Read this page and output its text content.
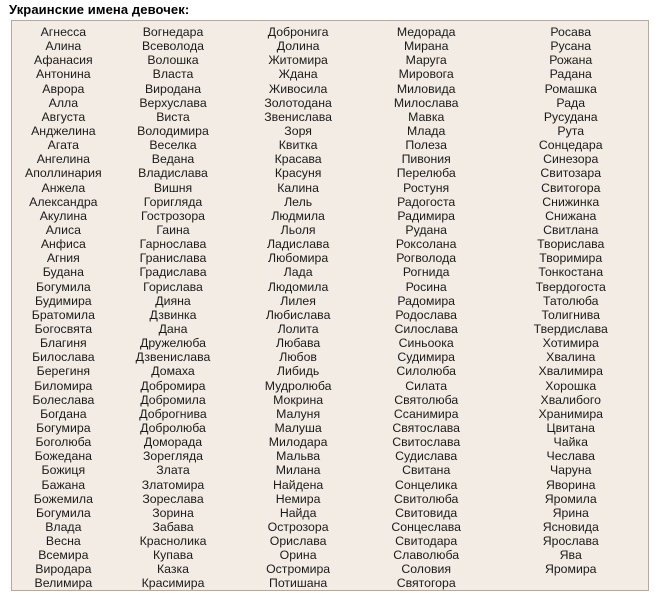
Украинские имена девочек:
Агнесса
Алина
Афанасия
Антонина
Аврора
Алла
Августа
Анджелина
Агата
Ангелина
Аполлинария
Анжела
Александра
Акулина
Алиса
Анфиса
Агния
Будана
Богумила
Будимира
Братомила
Богосвята
Благиня
Билослава
Берегиня
Биломира
Болеслава
Богдана
Богумира
Боголюба
Божедана
Божиця
Бажана
Божемила
Богумила
Влада
Весна
Всемира
Виродара
Велимира
Вогнедара
Всеволода
Волошка
Власта
Виродана
Верхуслава
Виста
Володимира
Веселка
Ведана
Владислава
Вишня
Горигляда
Гострозора
Гаина
Гарнослава
Гранислава
Градислава
Горислава
Дияна
Дзвинка
Дана
Дружелюба
Дзвенислава
Домаха
Добромира
Добромила
Доброгнива
Добролюба
Доморада
Зорегляда
Злата
Златомира
Зореслава
Зорина
Забава
Краснолика
Купава
Казка
Красимира
Добронига
Долина
Житомира
Ждана
Живосила
Золотодана
Звенислава
Зоря
Квитка
Красава
Красуня
Калина
Лель
Людмила
Льоля
Ладислава
Любомира
Лада
Людомила
Лилея
Любислава
Лолита
Любава
Любов
Либидь
Мудролюба
Мокрина
Малуня
Малуша
Милодара
Мальва
Милана
Найдена
Немира
Найда
Острозора
Орислава
Орина
Остромира
Потишана
Медорада
Мирана
Маруга
Мировога
Миловида
Милослава
Мавка
Млада
Полеза
Пивония
Перелюба
Ростуня
Радогоста
Радимира
Рудана
Роксолана
Рогволода
Рогнида
Росина
Радомира
Родослава
Силослава
Синьоока
Судимира
Силолюба
Силата
Святолюба
Сcанимира
Святослава
Свитослава
Судислава
Свитана
Сонцелика
Свитолюба
Свитовида
Сонцеслава
Свитодара
Славолюба
Соловия
Святогора
Росава
Русана
Рожана
Радана
Ромашка
Рада
Русудана
Рута
Сонцедара
Синезора
Свитозара
Свитогора
Снижинка
Снижана
Свитлана
Творислава
Творимира
Тонкостана
Твердогоста
Татолюба
Толигнива
Твердислава
Хотимира
Хвалина
Хвалимира
Хорошка
Хвалибого
Хранимира
Цвитана
Чайка
Чеслава
Чаруна
Яворина
Яромила
Ярина
Ясновида
Ярослава
Ява
Яромира
